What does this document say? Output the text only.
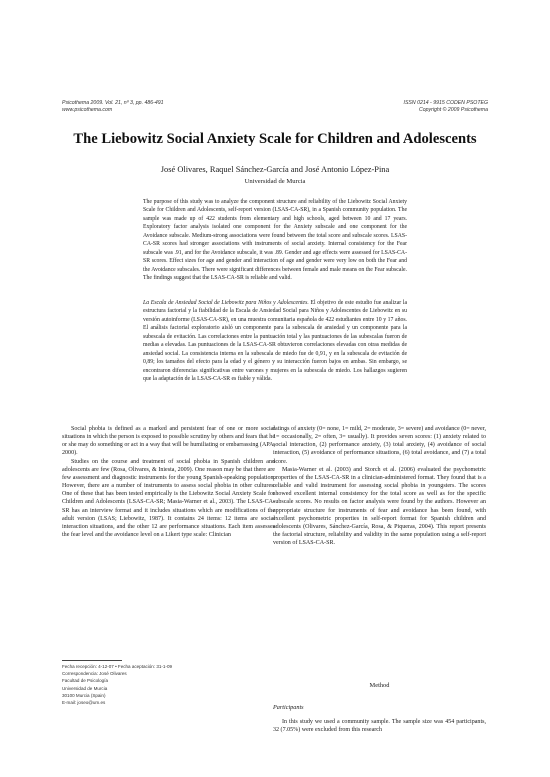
Psicothema 2009. Vol. 21, nº 3, pp. 486-491
www.psicothema.com
ISSN 0214 - 9915 CODEN PSOTEG
Copyright © 2009 Psicothema
The Liebowitz Social Anxiety Scale for Children and Adolescents
José Olivares, Raquel Sánchez-García and José Antonio López-Pina
Universidad de Murcia
The purpose of this study was to analyze the component structure and reliability of the Liebowitz Social Anxiety Scale for Children and Adolescents, self-report version (LSAS-CA-SR), in a Spanish community population. The sample was made up of 422 students from elementary and high schools, aged between 10 and 17 years. Exploratory factor analysis isolated one component for the Anxiety subscale and one component for the Avoidance subscale. Medium-strong associations were found between the total score and subscale scores. LSAS-CA-SR scores had stronger associations with instruments of social anxiety. Internal consistency for the Fear subscale was .91, and for the Avoidance subscale, it was .89. Gender and age effects were assessed for LSAS-CA-SR scores. Effect sizes for age and gender and interaction of age and gender were very low on both the Fear and the Avoidance subscales. There were significant differences between female and male means on the Fear subscale. The findings suggest that the LSAS-CA-SR is reliable and valid.
La Escala de Ansiedad Social de Liebowitz para Niños y Adolescentes. El objetivo de este estudio fue analizar la estructura factorial y la fiabilidad de la Escala de Ansiedad Social para Niños y Adolescentes de Liebowitz en su versión autoinforme (LSAS-CA-SR), en una muestra comunitaria española de 422 estudiantes entre 10 y 17 años. El análisis factorial exploratorio aisló un componente para la subescala de ansiedad y un componente para la subescala de evitación. Las correlaciones entre la puntuación total y las puntuaciones de las subescalas fueron de medias a elevadas. Las puntuaciones de la LSAS-CA-SR obtuvieron correlaciones elevadas con otras medidas de ansiedad social. La consistencia interna en la subescala de miedo fue de 0,91, y en la subescala de evitación de 0,89; los tamaños del efecto para la edad y el género y su interacción fueron bajos en ambas. Sin embargo, se encontraron diferencias significativas entre varones y mujeres en la subescala de miedo. Los hallazgos sugieren que la adaptación de la LSAS-CA-SR es fiable y válida.

Social phobia is defined as a marked and persistent fear of one or more social situations in which the person is exposed to possible scrutiny by others and fears that he or she may do something or act in a way that will be humiliating or embarrassing (APA, 2000).

Studies on the course and treatment of social phobia in Spanish children and adolescents are few (Rosa, Olivares, & Iniesta, 2009). One reason may be that there are few assessment and diagnostic instruments for the young Spanish-speaking population. However, there are a number of instruments to assess social phobia in other cultures. One of these that has been tested empirically is the Liebowitz Social Anxiety Scale for Children and Adolescents (LSAS-CA-SR; Masia-Warner et al., 2003). The LSAS-CA-SR has an interview format and it includes situations which are modifications of the adult version (LSAS; Liebowitz, 1987). It contains 24 items: 12 items are social interaction situations, and the other 12 are performance situations. Each item assesses the fear level and the avoidance level on a Likert type scale: Clinician

ratings of anxiety (0= none, 1= mild, 2= moderate, 3= severe) and avoidance (0= never, 1= occasionally, 2= often, 3= usually). It provides seven scores: (1) anxiety related to social interaction, (2) performance anxiety, (3) total anxiety, (4) avoidance of social interaction, (5) avoidance of performance situations, (6) total avoidance, and (7) a total score.

Masia-Warner et al. (2003) and Storch et al. (2006) evaluated the psychometric properties of the LSAS-CA-SR in a clinician-administered format. They found that is a reliable and valid instrument for assessing social phobia in youngsters. The scores showed excellent internal consistency for the total score as well as for the specific subscale scores. No results on factor analysis were found by the authors. However an appropriate structure for instruments of fear and avoidance has been found, with excellent psychometric properties in self-report format for Spanish children and adolescents (Olivares, Sánchez-García, Rosa, & Piqueras, 2004). This report presents the factorial structure, reliability and validity in the same population using a self-report version of LSAS-CA-SR.

Fecha recepción: 4-12-07 • Fecha aceptación: 31-1-09
Correspondencia: José Olivares
Facultad de Psicología
Universidad de Murcia
30100 Murcia (Spain)
E-mail: joseo@um.es
Method
Participants

In this study we used a community sample. The sample size was 454 participants, 32 (7.05%) were excluded from this research
